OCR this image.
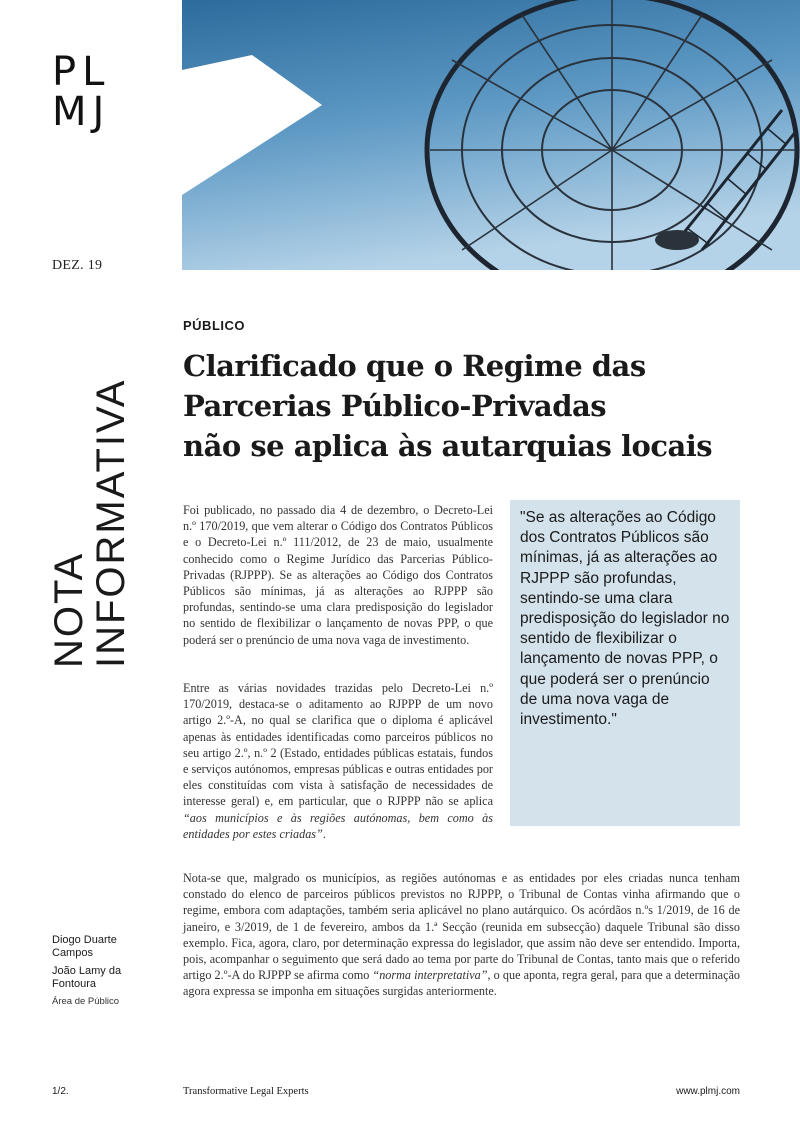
PL
MJ
DEZ. 19
NOTA
INFORMATIVA
PÚBLICO
Clarificado que o Regime das
Parcerias Público-Privadas
não se aplica às autarquias locais

Foi publicado, no passado dia 4 de dezembro, o Decreto-Lei n.º 170/2019, que vem alterar o Código dos Contratos Públicos e o Decreto-Lei n.º 111/2012, de 23 de maio, usualmente conhecido como o Regime Jurídico das Parcerias Público-Privadas (RJPPP). Se as alterações ao Código dos Contratos Públicos são mínimas, já as alterações ao RJPPP são profundas, sentindo-se uma clara predisposição do legislador no sentido de flexibilizar o lançamento de novas PPP, o que poderá ser o prenúncio de uma nova vaga de investimento.

Entre as várias novidades trazidas pelo Decreto-Lei n.º 170/2019, destaca-se o aditamento ao RJPPP de um novo artigo 2.º-A, no qual se clarifica que o diploma é aplicável apenas às entidades identificadas como parceiros públicos no seu artigo 2.º, n.º 2 (Estado, entidades públicas estatais, fundos e serviços autónomos, empresas públicas e outras entidades por eles constituídas com vista à satisfação de necessidades de interesse geral) e, em particular, que o RJPPP não se aplica “aos municípios e às regiões autónomas, bem como às entidades por estes criadas”.

"Se as alterações ao Código dos Contratos Públicos são mínimas, já as alterações ao RJPPP são profundas, sentindo-se uma clara predisposição do legislador no sentido de flexibilizar o lançamento de novas PPP, o que poderá ser o prenúncio de uma nova vaga de investimento."

Nota-se que, malgrado os municípios, as regiões autónomas e as entidades por eles criadas nunca tenham constado do elenco de parceiros públicos previstos no RJPPP, o Tribunal de Contas vinha afirmando que o regime, embora com adaptações, também seria aplicável no plano autárquico. Os acórdãos n.ºs 1/2019, de 16 de janeiro, e 3/2019, de 1 de fevereiro, ambos da 1.ª Secção (reunida em subsecção) daquele Tribunal são disso exemplo. Fica, agora, claro, por determinação expressa do legislador, que assim não deve ser entendido. Importa, pois, acompanhar o seguimento que será dado ao tema por parte do Tribunal de Contas, tanto mais que o referido artigo 2.º-A do RJPPP se afirma como “norma interpretativa”, o que aponta, regra geral, para que a determinação agora expressa se imponha em situações surgidas anteriormente.

Diogo Duarte Campos
João Lamy da Fontoura
Área de Público
1/2.	Transformative Legal Experts	www.plmj.com
